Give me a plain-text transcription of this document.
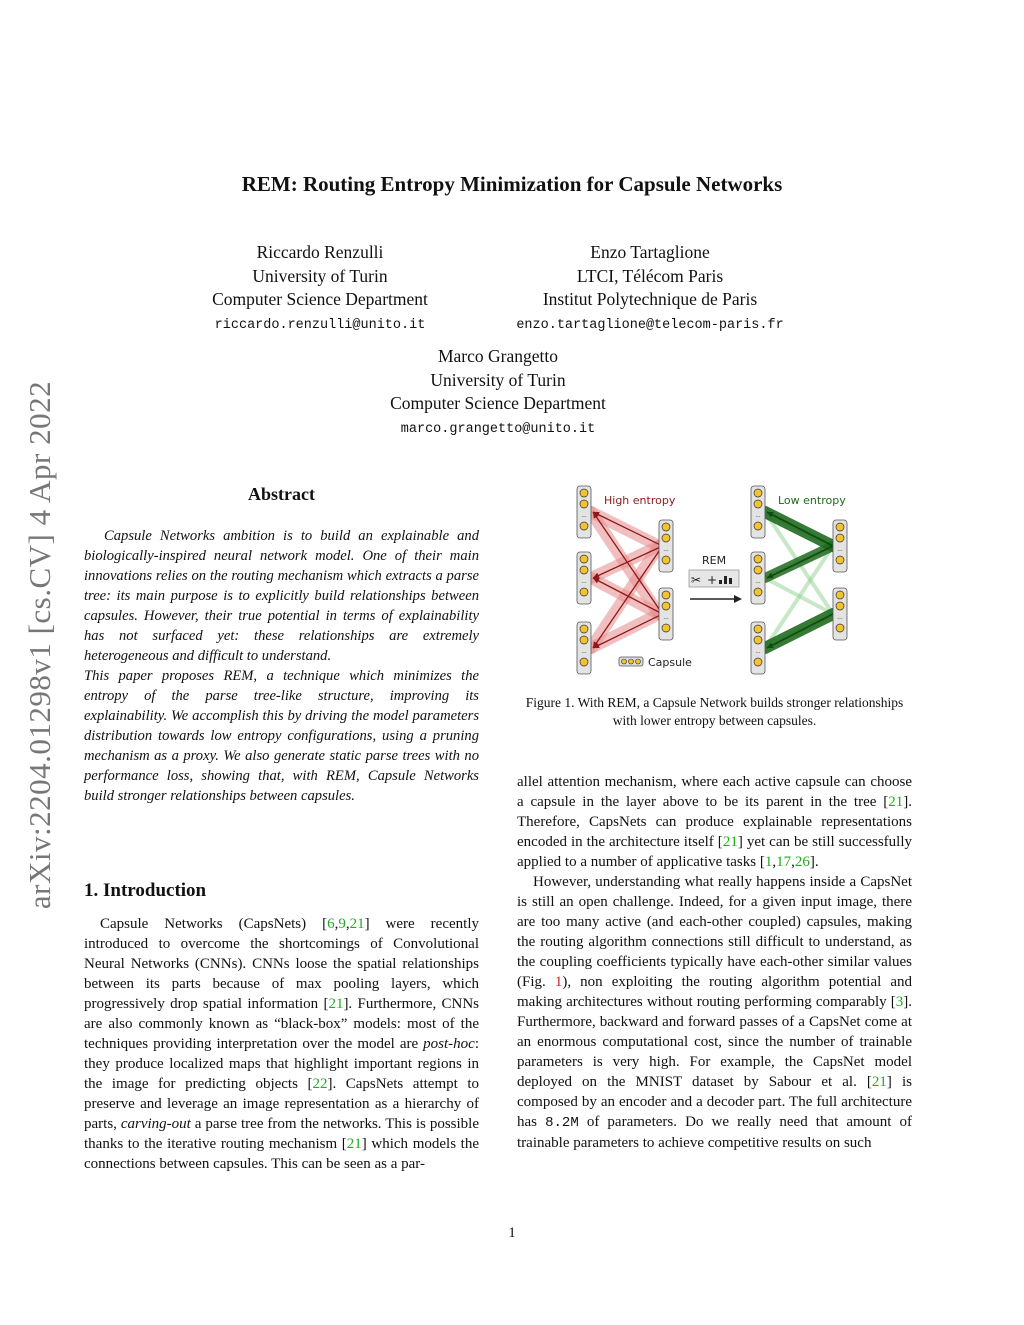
REM: Routing Entropy Minimization for Capsule Networks
Riccardo Renzulli
University of Turin
Computer Science Department
riccardo.renzulli@unito.it
Enzo Tartaglione
LTCI, Télécom Paris
Institut Polytechnique de Paris
enzo.tartaglione@telecom-paris.fr
Marco Grangetto
University of Turin
Computer Science Department
marco.grangetto@unito.it
arXiv:2204.01298v1 [cs.CV] 4 Apr 2022	Abstract

Capsule Networks ambition is to build an explainable and biologically-inspired neural network model. One of their main innovations relies on the routing mechanism which extracts a parse tree: its main purpose is to explicitly build relationships between capsules. However, their true potential in terms of explainability has not surfaced yet: these relationships are extremely heterogeneous and difficult to understand.

This paper proposes REM, a technique which minimizes the entropy of the parse tree-like structure, improving its explainability. We accomplish this by driving the model parameters distribution towards low entropy configurations, using a pruning mechanism as a proxy. We also generate static parse trees with no performance loss, showing that, with REM, Capsule Networks build stronger relationships between capsules.

1. Introduction

Capsule Networks (CapsNets) [6,9,21] were recently introduced to overcome the shortcomings of Convolutional Neural Networks (CNNs). CNNs loose the spatial relationships between its parts because of max pooling layers, which progressively drop spatial information [21]. Furthermore, CNNs are also commonly known as “black-box” models: most of the techniques providing interpretation over the model are post-hoc: they produce localized maps that highlight important regions in the image for predicting objects [22]. CapsNets attempt to preserve and leverage an image representation as a hierarchy of parts, carving-out a parse tree from the networks. This is possible thanks to the iterative routing mechanism [21] which models the connections between capsules. This can be seen as a par-

...
...
...
...
...
...
...
...
...
...
High entropy	Low entropy
REM
✂ +
Capsule
Figure 1. With REM, a Capsule Network builds stronger relationships with lower entropy between capsules.

allel attention mechanism, where each active capsule can choose a capsule in the layer above to be its parent in the tree [21]. Therefore, CapsNets can produce explainable representations encoded in the architecture itself [21] yet can be still successfully applied to a number of applicative tasks [1,17,26].

However, understanding what really happens inside a CapsNet is still an open challenge. Indeed, for a given input image, there are too many active (and each-other coupled) capsules, making the routing algorithm connections still difficult to understand, as the coupling coefficients typically have each-other similar values (Fig. 1), non exploiting the routing algorithm potential and making architectures without routing performing comparably [3]. Furthermore, backward and forward passes of a CapsNet come at an enormous computational cost, since the number of trainable parameters is very high. For example, the CapsNet model deployed on the MNIST dataset by Sabour et al. [21] is composed by an encoder and a decoder part. The full architecture has 8.2M of parameters. Do we really need that amount of trainable parameters to achieve competitive results on such

1
